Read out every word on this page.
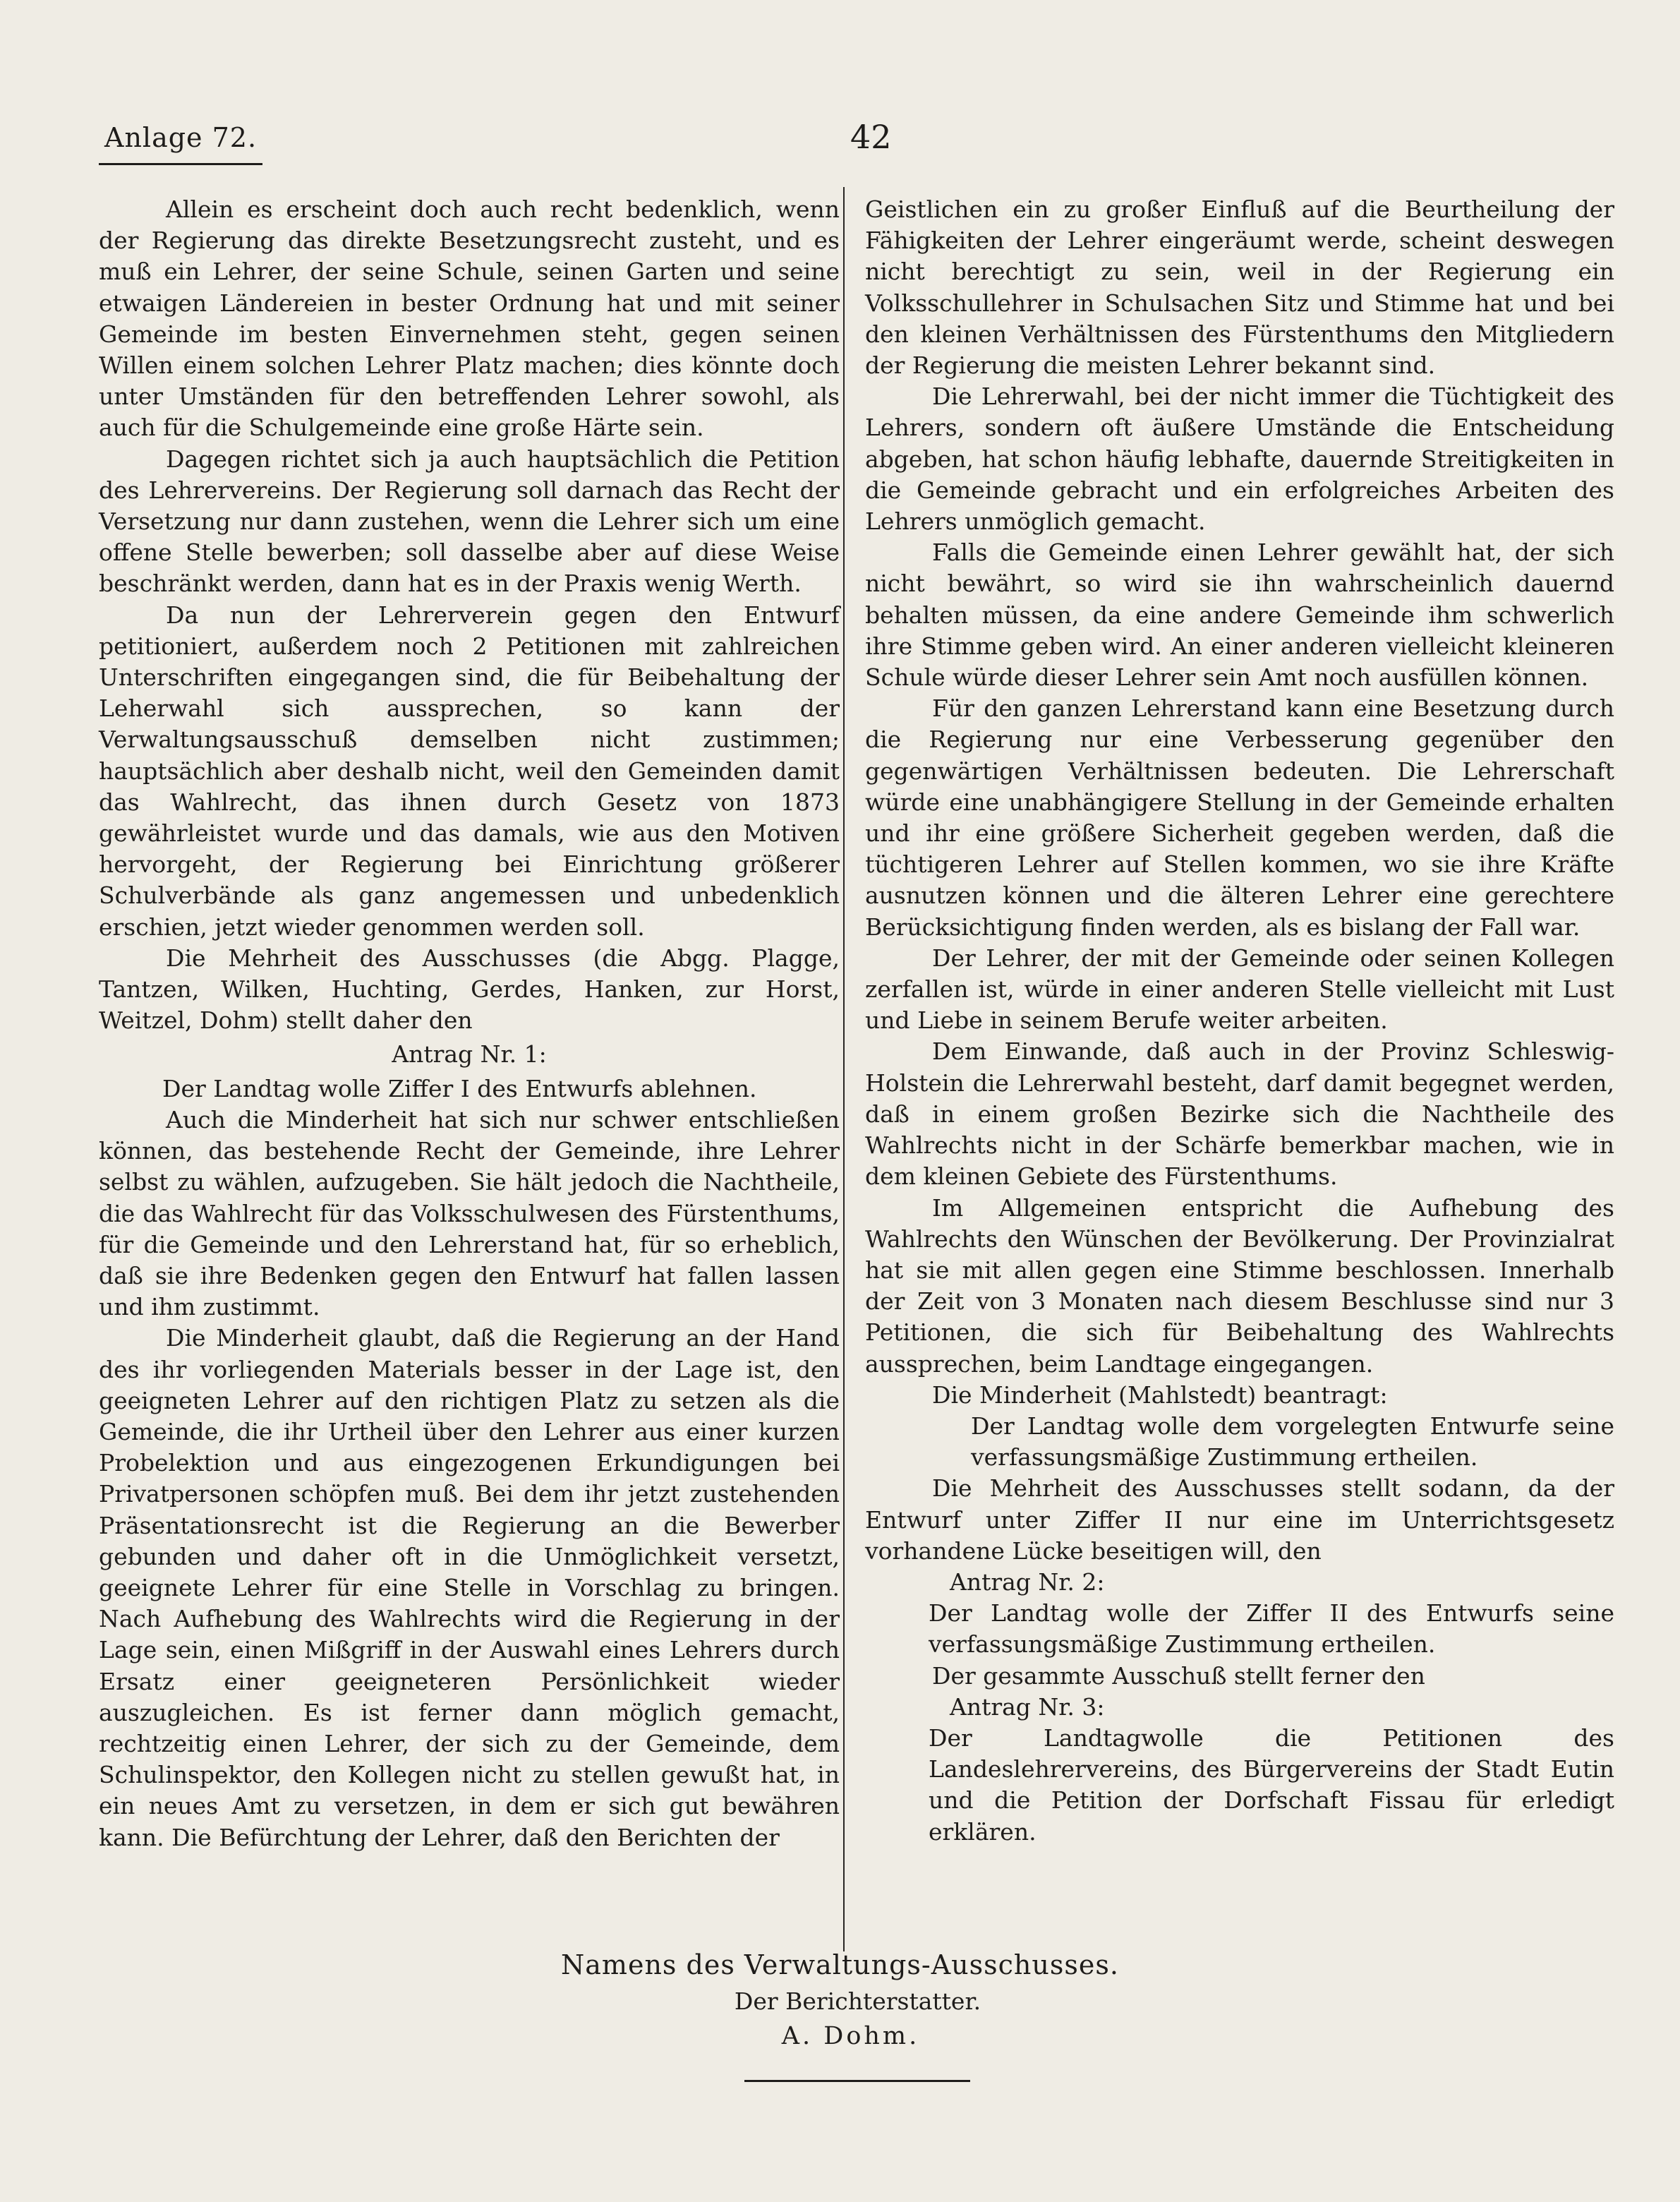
Anlage 72.	42

Allein es erscheint doch auch recht bedenklich, wenn der Regierung das direkte Besetzungsrecht zusteht, und es muß ein Lehrer, der seine Schule, seinen Garten und seine etwaigen Ländereien in bester Ordnung hat und mit seiner Gemeinde im besten Einvernehmen steht, gegen seinen Willen einem solchen Lehrer Platz machen; dies könnte doch unter Umständen für den betreffenden Lehrer sowohl, als auch für die Schulgemeinde eine große Härte sein.

Dagegen richtet sich ja auch hauptsächlich die Petition des Lehrervereins. Der Regierung soll darnach das Recht der Versetzung nur dann zustehen, wenn die Lehrer sich um eine offene Stelle bewerben; soll dasselbe aber auf diese Weise beschränkt werden, dann hat es in der Praxis wenig Werth.

Da nun der Lehrerverein gegen den Entwurf petitioniert, außerdem noch 2 Petitionen mit zahlreichen Unterschriften eingegangen sind, die für Beibehaltung der Leherwahl sich aussprechen, so kann der Verwaltungsausschuß demselben nicht zustimmen; hauptsächlich aber deshalb nicht, weil den Gemeinden damit das Wahlrecht, das ihnen durch Gesetz von 1873 gewährleistet wurde und das damals, wie aus den Motiven hervorgeht, der Regierung bei Einrichtung größerer Schulverbände als ganz angemessen und unbedenklich erschien, jetzt wieder genommen werden soll.

Die Mehrheit des Ausschusses (die Abgg. Plagge, Tantzen, Wilken, Huchting, Gerdes, Hanken, zur Horst, Weitzel, Dohm) stellt daher den

Antrag Nr. 1:

Der Landtag wolle Ziffer I des Entwurfs ablehnen.

Auch die Minderheit hat sich nur schwer entschließen können, das bestehende Recht der Gemeinde, ihre Lehrer selbst zu wählen, aufzugeben. Sie hält jedoch die Nachtheile, die das Wahlrecht für das Volksschulwesen des Fürstenthums, für die Gemeinde und den Lehrerstand hat, für so erheblich, daß sie ihre Bedenken gegen den Entwurf hat fallen lassen und ihm zustimmt.

Die Minderheit glaubt, daß die Regierung an der Hand des ihr vorliegenden Materials besser in der Lage ist, den geeigneten Lehrer auf den richtigen Platz zu setzen als die Gemeinde, die ihr Urtheil über den Lehrer aus einer kurzen Probelektion und aus eingezogenen Erkundigungen bei Privatpersonen schöpfen muß. Bei dem ihr jetzt zustehenden Präsentationsrecht ist die Regierung an die Bewerber gebunden und daher oft in die Unmöglichkeit versetzt, geeignete Lehrer für eine Stelle in Vorschlag zu bringen. Nach Aufhebung des Wahlrechts wird die Regierung in der Lage sein, einen Mißgriff in der Auswahl eines Lehrers durch Ersatz einer geeigneteren Persönlichkeit wieder auszugleichen. Es ist ferner dann möglich gemacht, rechtzeitig einen Lehrer, der sich zu der Gemeinde, dem Schulinspektor, den Kollegen nicht zu stellen gewußt hat, in ein neues Amt zu versetzen, in dem er sich gut bewähren kann. Die Befürchtung der Lehrer, daß den Berichten der

Geistlichen ein zu großer Einfluß auf die Beurtheilung der Fähigkeiten der Lehrer eingeräumt werde, scheint deswegen nicht berechtigt zu sein, weil in der Regierung ein Volksschullehrer in Schulsachen Sitz und Stimme hat und bei den kleinen Verhältnissen des Fürstenthums den Mitgliedern der Regierung die meisten Lehrer bekannt sind.

Die Lehrerwahl, bei der nicht immer die Tüchtigkeit des Lehrers, sondern oft äußere Umstände die Entscheidung abgeben, hat schon häufig lebhafte, dauernde Streitigkeiten in die Gemeinde gebracht und ein erfolgreiches Arbeiten des Lehrers unmöglich gemacht.

Falls die Gemeinde einen Lehrer gewählt hat, der sich nicht bewährt, so wird sie ihn wahrscheinlich dauernd behalten müssen, da eine andere Gemeinde ihm schwerlich ihre Stimme geben wird. An einer anderen vielleicht kleineren Schule würde dieser Lehrer sein Amt noch ausfüllen können.

Für den ganzen Lehrerstand kann eine Besetzung durch die Regierung nur eine Verbesserung gegenüber den gegenwärtigen Verhältnissen bedeuten. Die Lehrerschaft würde eine unabhängigere Stellung in der Gemeinde erhalten und ihr eine größere Sicherheit gegeben werden, daß die tüchtigeren Lehrer auf Stellen kommen, wo sie ihre Kräfte ausnutzen können und die älteren Lehrer eine gerechtere Berücksichtigung finden werden, als es bislang der Fall war.

Der Lehrer, der mit der Gemeinde oder seinen Kollegen zerfallen ist, würde in einer anderen Stelle vielleicht mit Lust und Liebe in seinem Berufe weiter arbeiten.

Dem Einwande, daß auch in der Provinz Schleswig-Holstein die Lehrerwahl besteht, darf damit begegnet werden, daß in einem großen Bezirke sich die Nachtheile des Wahlrechts nicht in der Schärfe bemerkbar machen, wie in dem kleinen Gebiete des Fürstenthums.

Im Allgemeinen entspricht die Aufhebung des Wahlrechts den Wünschen der Bevölkerung. Der Provinzialrat hat sie mit allen gegen eine Stimme beschlossen. Innerhalb der Zeit von 3 Monaten nach diesem Beschlusse sind nur 3 Petitionen, die sich für Beibehaltung des Wahlrechts aussprechen, beim Landtage eingegangen.

Die Minderheit (Mahlstedt) beantragt:

Der Landtag wolle dem vorgelegten Entwurfe seine verfassungsmäßige Zustimmung ertheilen.

Die Mehrheit des Ausschusses stellt sodann, da der Entwurf unter Ziffer II nur eine im Unterrichtsgesetz vorhandene Lücke beseitigen will, den

Antrag Nr. 2:

Der Landtag wolle der Ziffer II des Entwurfs seine verfassungsmäßige Zustimmung ertheilen.

Der gesammte Ausschuß stellt ferner den

Antrag Nr. 3:

Der Landtagwolle die Petitionen des Landeslehrervereins, des Bürgervereins der Stadt Eutin und die Petition der Dorfschaft Fissau für erledigt erklären.

Namens des Verwaltungs-Ausschusses.
Der Berichterstatter.
A. Dohm.
